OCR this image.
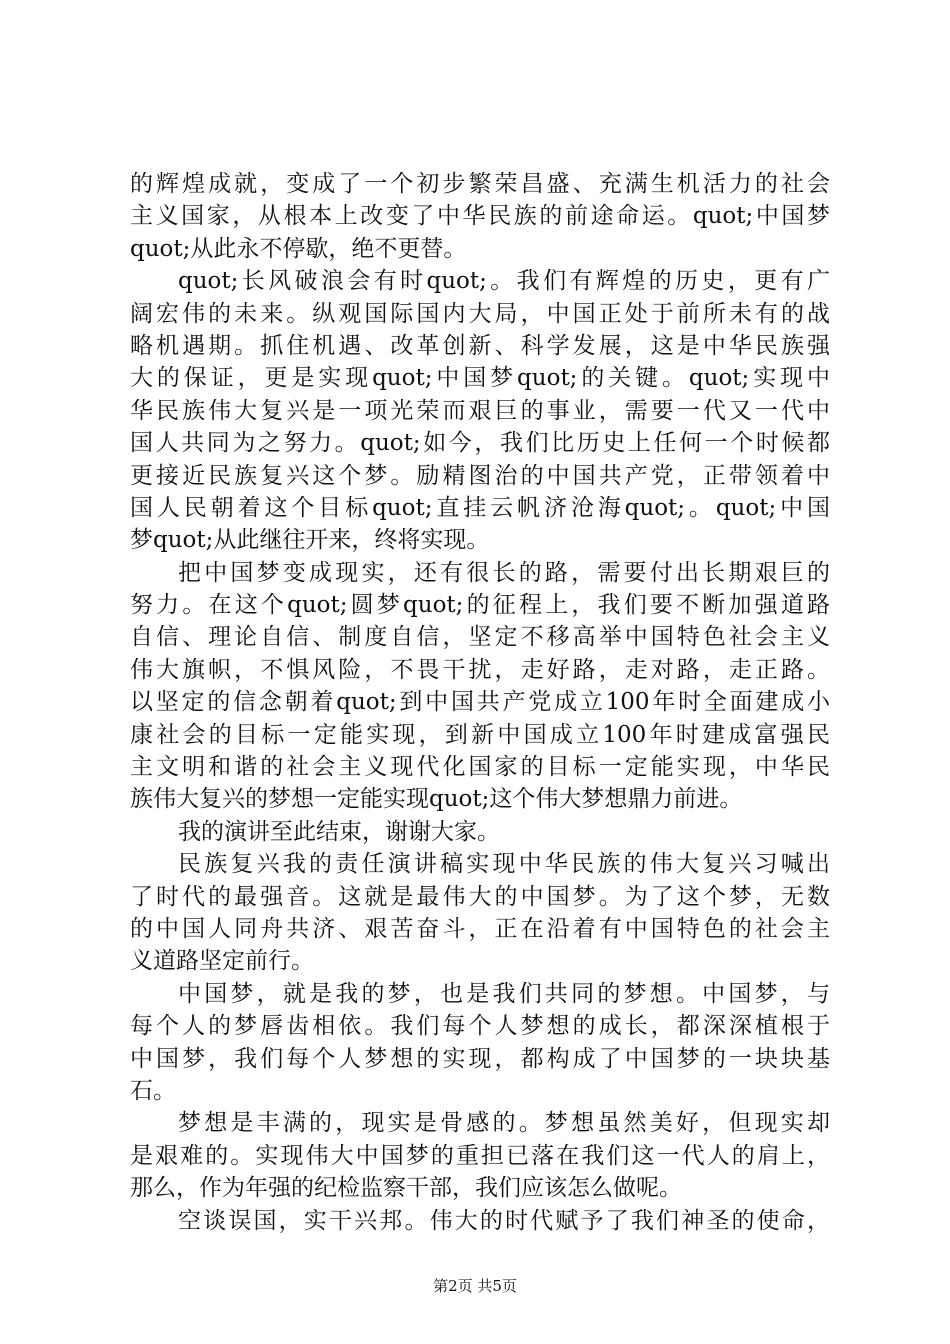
的辉煌成就，变成了一个初步繁荣昌盛、充满生机活力的社会
主义国家，从根本上改变了中华民族的前途命运。quot;中国梦
quot;从此永不停歇，绝不更替。
quot;长风破浪会有时quot;。我们有辉煌的历史，更有广
阔宏伟的未来。纵观国际国内大局，中国正处于前所未有的战
略机遇期。抓住机遇、改革创新、科学发展，这是中华民族强
大的保证，更是实现quot;中国梦quot;的关键。quot;实现中
华民族伟大复兴是一项光荣而艰巨的事业，需要一代又一代中
国人共同为之努力。quot;如今，我们比历史上任何一个时候都
更接近民族复兴这个梦。励精图治的中国共产党，正带领着中
国人民朝着这个目标quot;直挂云帆济沧海quot;。quot;中国
梦quot;从此继往开来，终将实现。
把中国梦变成现实，还有很长的路，需要付出长期艰巨的
努力。在这个quot;圆梦quot;的征程上，我们要不断加强道路
自信、理论自信、制度自信，坚定不移高举中国特色社会主义
伟大旗帜，不惧风险，不畏干扰，走好路，走对路，走正路。
以坚定的信念朝着quot;到中国共产党成立100年时全面建成小
康社会的目标一定能实现，到新中国成立100年时建成富强民
主文明和谐的社会主义现代化国家的目标一定能实现，中华民
族伟大复兴的梦想一定能实现quot;这个伟大梦想鼎力前进。
我的演讲至此结束，谢谢大家。
民族复兴我的责任演讲稿实现中华民族的伟大复兴习喊出
了时代的最强音。这就是最伟大的中国梦。为了这个梦，无数
的中国人同舟共济、艰苦奋斗，正在沿着有中国特色的社会主
义道路坚定前行。
中国梦，就是我的梦，也是我们共同的梦想。中国梦，与
每个人的梦唇齿相依。我们每个人梦想的成长，都深深植根于
中国梦，我们每个人梦想的实现，都构成了中国梦的一块块基
石。
梦想是丰满的，现实是骨感的。梦想虽然美好，但现实却
是艰难的。实现伟大中国梦的重担已落在我们这一代人的肩上，
那么，作为年强的纪检监察干部，我们应该怎么做呢。
空谈误国，实干兴邦。伟大的时代赋予了我们神圣的使命，
第2页 共5页
